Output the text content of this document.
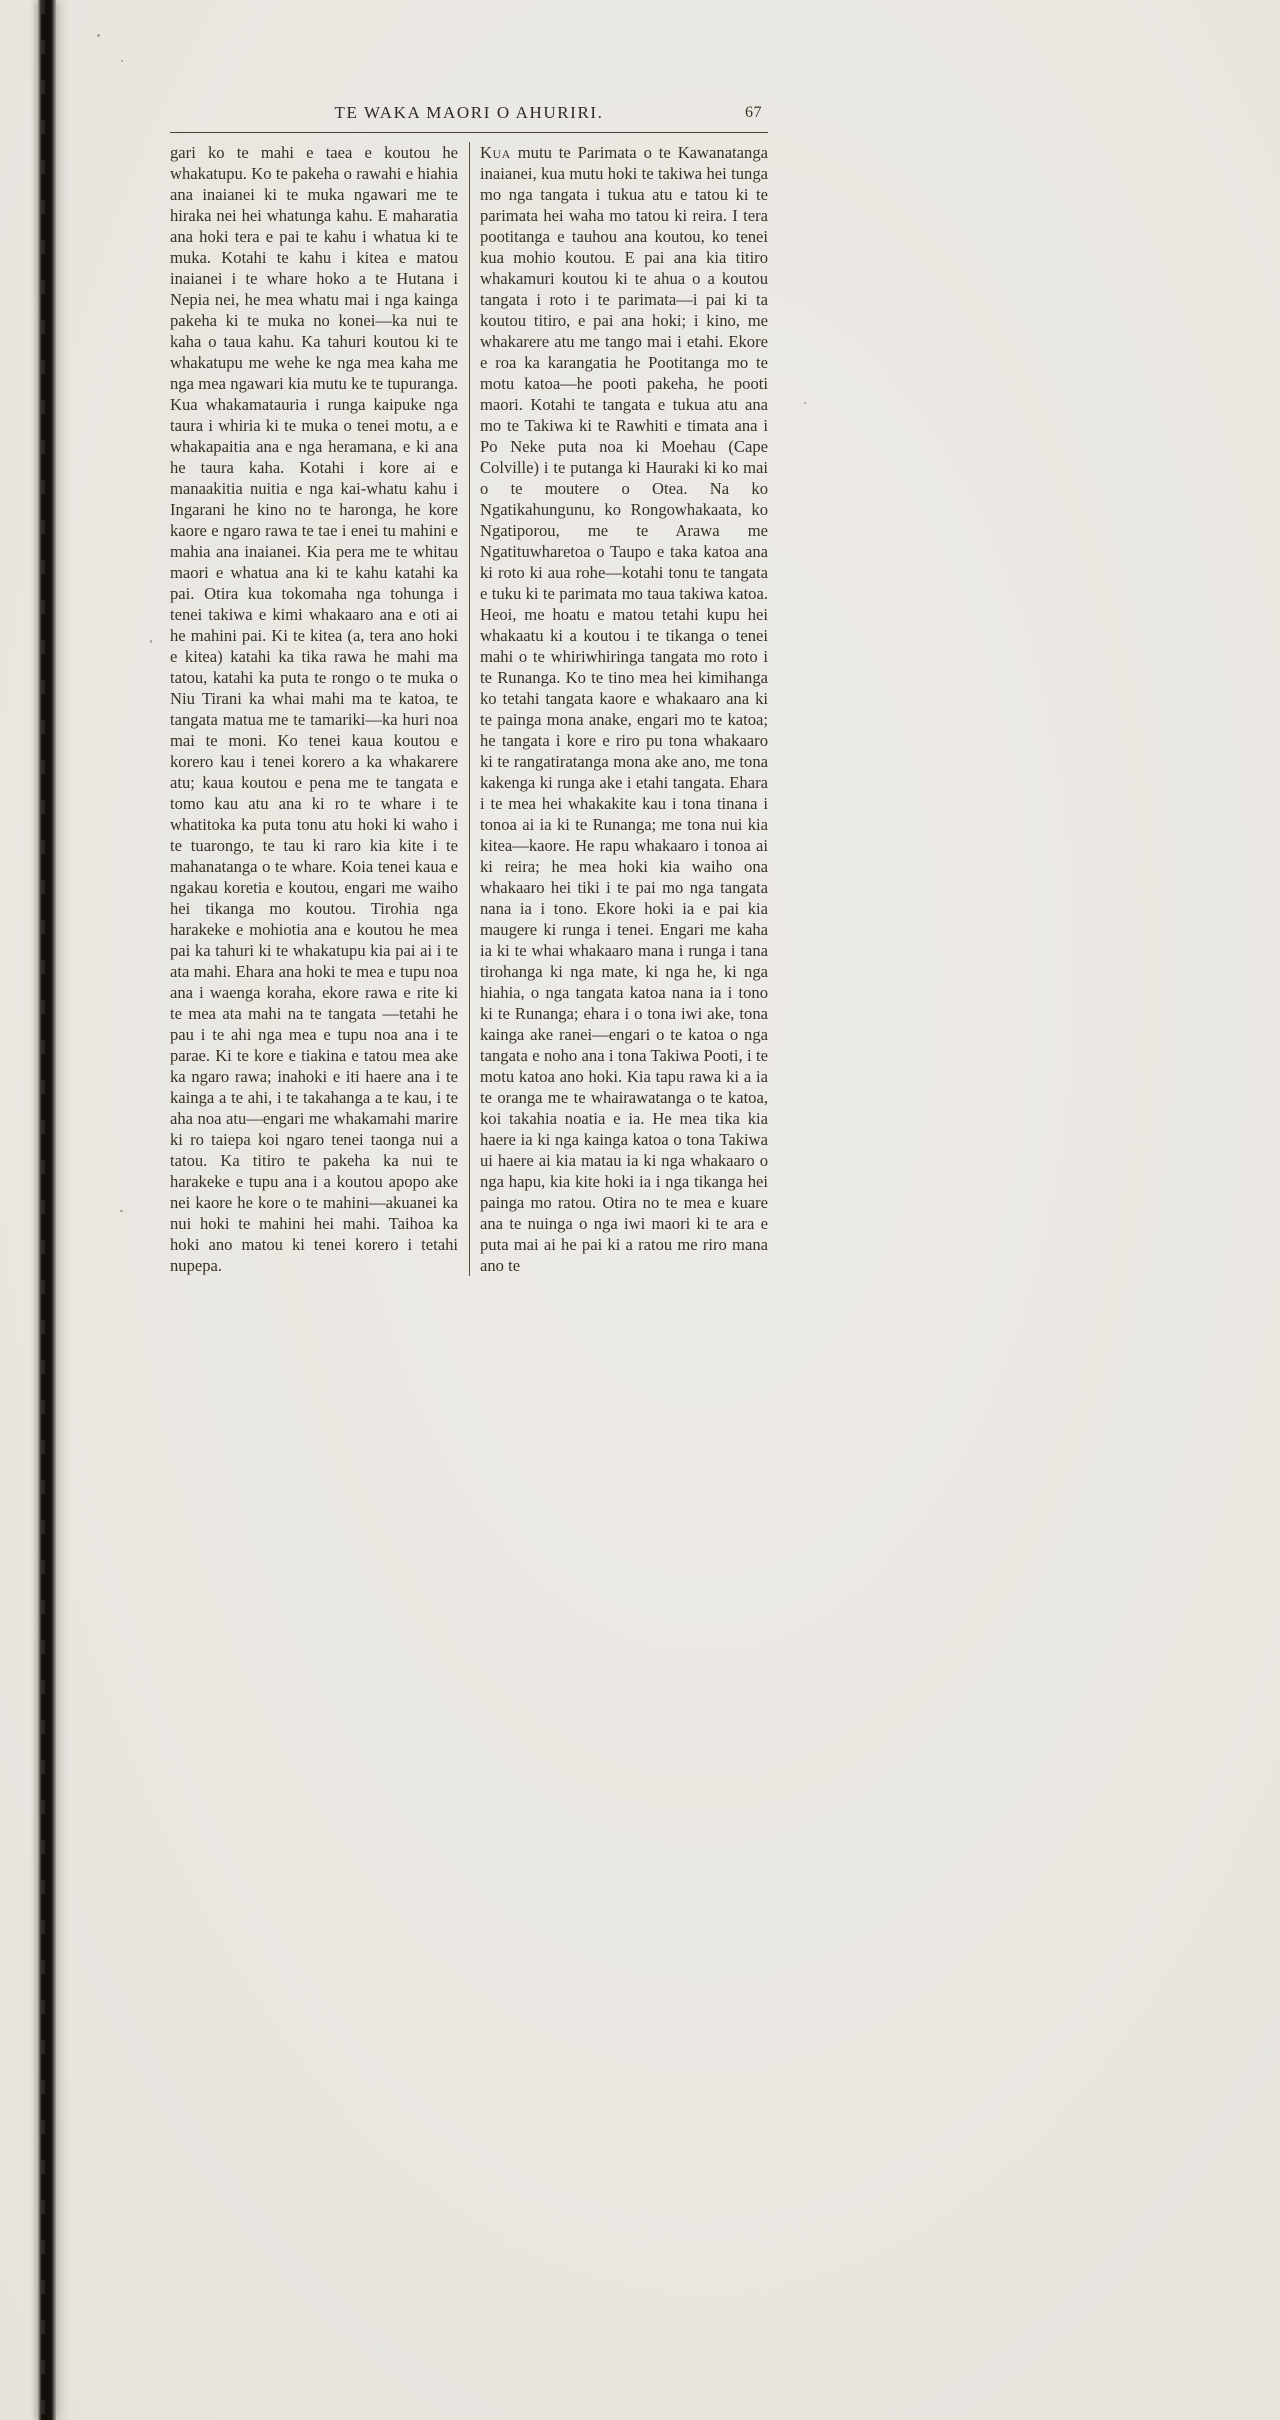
TE WAKA MAORI O AHURIRI.	67

gari ko te mahi e taea e koutou he whakatupu. Ko te pakeha o rawahi e hiahia ana inaianei ki te muka ngawari me te hiraka nei hei whatunga kahu. E maharatia ana hoki tera e pai te kahu i whatua ki te muka. Kotahi te kahu i kitea e matou inaianei i te whare hoko a te Hutana i Nepia nei, he mea whatu mai i nga kainga pakeha ki te muka no konei—ka nui te kaha o taua kahu. Ka tahuri koutou ki te whakatupu me wehe ke nga mea kaha me nga mea ngawari kia mutu ke te tupuranga. Kua whakamatauria i runga kaipuke nga taura i whiria ki te muka o tenei motu, a e whakapaitia ana e nga heramana, e ki ana he taura kaha. Kotahi i kore ai e manaakitia nuitia e nga kai-whatu kahu i Ingarani he kino no te haronga, he kore kaore e ngaro rawa te tae i enei tu mahini e mahia ana inaianei. Kia pera me te whitau maori e whatua ana ki te kahu katahi ka pai. Otira kua tokomaha nga tohunga i tenei takiwa e kimi whakaaro ana e oti ai he mahini pai. Ki te kitea (a, tera ano hoki e kitea) katahi ka tika rawa he mahi ma tatou, katahi ka puta te rongo o te muka o Niu Tirani ka whai mahi ma te katoa, te tangata matua me te tamariki—ka huri noa mai te moni. Ko tenei kaua koutou e korero kau i tenei korero a ka whakarere atu; kaua koutou e pena me te tangata e tomo kau atu ana ki ro te whare i te whatitoka ka puta tonu atu hoki ki waho i te tuarongo, te tau ki raro kia kite i te mahanatanga o te whare. Koia tenei kaua e ngakau koretia e koutou, engari me waiho hei tikanga mo koutou. Tirohia nga harakeke e mohiotia ana e koutou he mea pai ka tahuri ki te whakatupu kia pai ai i te ata mahi. Ehara ana hoki te mea e tupu noa ana i waenga koraha, ekore rawa e rite ki te mea ata mahi na te tangata —tetahi he pau i te ahi nga mea e tupu noa ana i te parae. Ki te kore e tiakina e tatou mea ake ka ngaro rawa; inahoki e iti haere ana i te kainga a te ahi, i te takahanga a te kau, i te aha noa atu—engari me whakamahi marire ki ro taiepa koi ngaro tenei taonga nui a tatou. Ka titiro te pakeha ka nui te harakeke e tupu ana i a koutou apopo ake nei kaore he kore o te mahini—akuanei ka nui hoki te mahini hei mahi. Taihoa ka hoki ano matou ki tenei korero i tetahi nupepa.

Kua mutu te Parimata o te Kawanatanga inaianei, kua mutu hoki te takiwa hei tunga mo nga tangata i tukua atu e tatou ki te parimata hei waha mo tatou ki reira. I tera pootitanga e tauhou ana koutou, ko tenei kua mohio koutou. E pai ana kia titiro whakamuri koutou ki te ahua o a koutou tangata i roto i te parimata—i pai ki ta koutou titiro, e pai ana hoki; i kino, me whakarere atu me tango mai i etahi. Ekore e roa ka karangatia he Pootitanga mo te motu katoa—he pooti pakeha, he pooti maori. Kotahi te tangata e tukua atu ana mo te Takiwa ki te Rawhiti e timata ana i Po Neke puta noa ki Moehau (Cape Colville) i te putanga ki Hauraki ki ko mai o te moutere o Otea. Na ko Ngatikahungunu, ko Rongowhakaata, ko Ngatiporou, me te Arawa me Ngatituwharetoa o Taupo e taka katoa ana ki roto ki aua rohe—kotahi tonu te tangata e tuku ki te parimata mo taua takiwa katoa. Heoi, me hoatu e matou tetahi kupu hei whakaatu ki a koutou i te tikanga o tenei mahi o te whiriwhiringa tangata mo roto i te Runanga. Ko te tino mea hei kimihanga ko tetahi tangata kaore e whakaaro ana ki te painga mona anake, engari mo te katoa; he tangata i kore e riro pu tona whakaaro ki te rangatiratanga mona ake ano, me tona kakenga ki runga ake i etahi tangata. Ehara i te mea hei whakakite kau i tona tinana i tonoa ai ia ki te Runanga; me tona nui kia kitea—kaore. He rapu whakaaro i tonoa ai ki reira; he mea hoki kia waiho ona whakaaro hei tiki i te pai mo nga tangata nana ia i tono. Ekore hoki ia e pai kia maugere ki runga i tenei. Engari me kaha ia ki te whai whakaaro mana i runga i tana tirohanga ki nga mate, ki nga he, ki nga hiahia, o nga tangata katoa nana ia i tono ki te Runanga; ehara i o tona iwi ake, tona kainga ake ranei—engari o te katoa o nga tangata e noho ana i tona Takiwa Pooti, i te motu katoa ano hoki. Kia tapu rawa ki a ia te oranga me te whairawatanga o te katoa, koi takahia noatia e ia. He mea tika kia haere ia ki nga kainga katoa o tona Takiwa ui haere ai kia matau ia ki nga whakaaro o nga hapu, kia kite hoki ia i nga tikanga hei painga mo ratou. Otira no te mea e kuare ana te nuinga o nga iwi maori ki te ara e puta mai ai he pai ki a ratou me riro mana ano te
